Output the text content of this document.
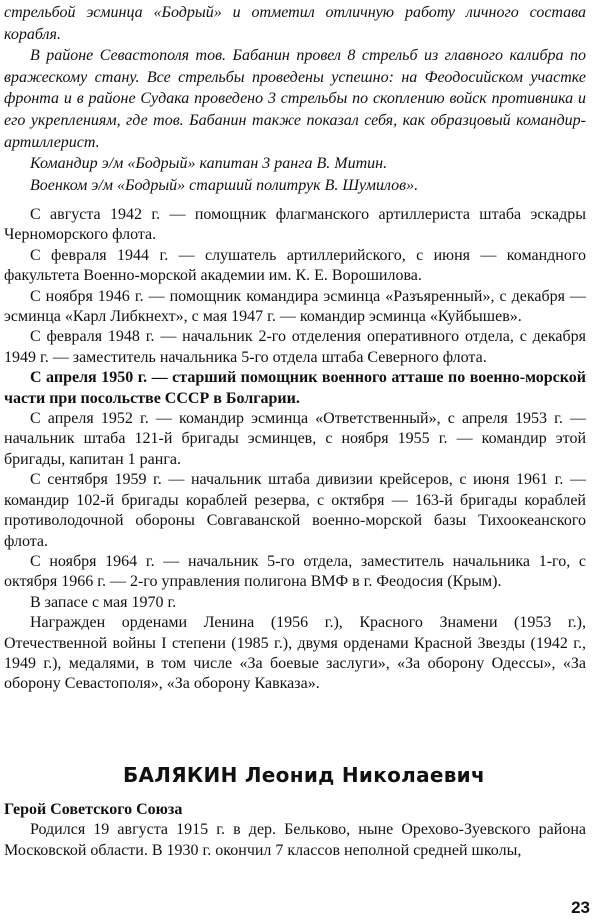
стрельбой эсминца «Бодрый» и отметил отличную работу личного состава корабля.

В районе Севастополя тов. Бабанин провел 8 стрельб из главного калибра по вражескому стану. Все стрельбы проведены успешно: на Феодосийском участке фронта и в районе Судака проведено 3 стрельбы по скоплению войск противника и его укреплениям, где тов. Бабанин также показал себя, как образцовый командир-артиллерист.

Командир э/м «Бодрый» капитан 3 ранга В. Митин.

Военком э/м «Бодрый» старший политрук В. Шумилов».

С августа 1942 г. — помощник флагманского артиллериста штаба эскадры Черноморского флота.

С февраля 1944 г. — слушатель артиллерийского, с июня — командного факультета Военно-морской академии им. К. Е. Ворошилова.

С ноября 1946 г. — помощник командира эсминца «Разъяренный», с декабря — эсминца «Карл Либкнехт», с мая 1947 г. — командир эсминца «Куйбышев».

С февраля 1948 г. — начальник 2-го отделения оперативного отдела, с декабря 1949 г. — заместитель начальника 5-го отдела штаба Северного флота.

С апреля 1950 г. — старший помощник военного атташе по военно-морской части при посольстве СССР в Болгарии.

С апреля 1952 г. — командир эсминца «Ответственный», с апреля 1953 г. — начальник штаба 121-й бригады эсминцев, с ноября 1955 г. — командир этой бригады, капитан 1 ранга.

С сентября 1959 г. — начальник штаба дивизии крейсеров, с июня 1961 г. — командир 102-й бригады кораблей резерва, с октября — 163-й бригады кораблей противолодочной обороны Совгаванской военно-морской базы Тихоокеанского флота.

С ноября 1964 г. — начальник 5-го отдела, заместитель начальника 1-го, с октября 1966 г. — 2-го управления полигона ВМФ в г. Феодосия (Крым).

В запасе с мая 1970 г.

Награжден орденами Ленина (1956 г.), Красного Знамени (1953 г.), Отечественной войны I степени (1985 г.), двумя орденами Красной Звезды (1942 г., 1949 г.), медалями, в том числе «За боевые заслуги», «За оборону Одессы», «За оборону Севастополя», «За оборону Кавказа».

БАЛЯКИН Леонид Николаевич

Герой Советского Союза

Родился 19 августа 1915 г. в дер. Бельково, ныне Орехово-Зуевского района Московской области. В 1930 г. окончил 7 классов неполной средней школы,

23
